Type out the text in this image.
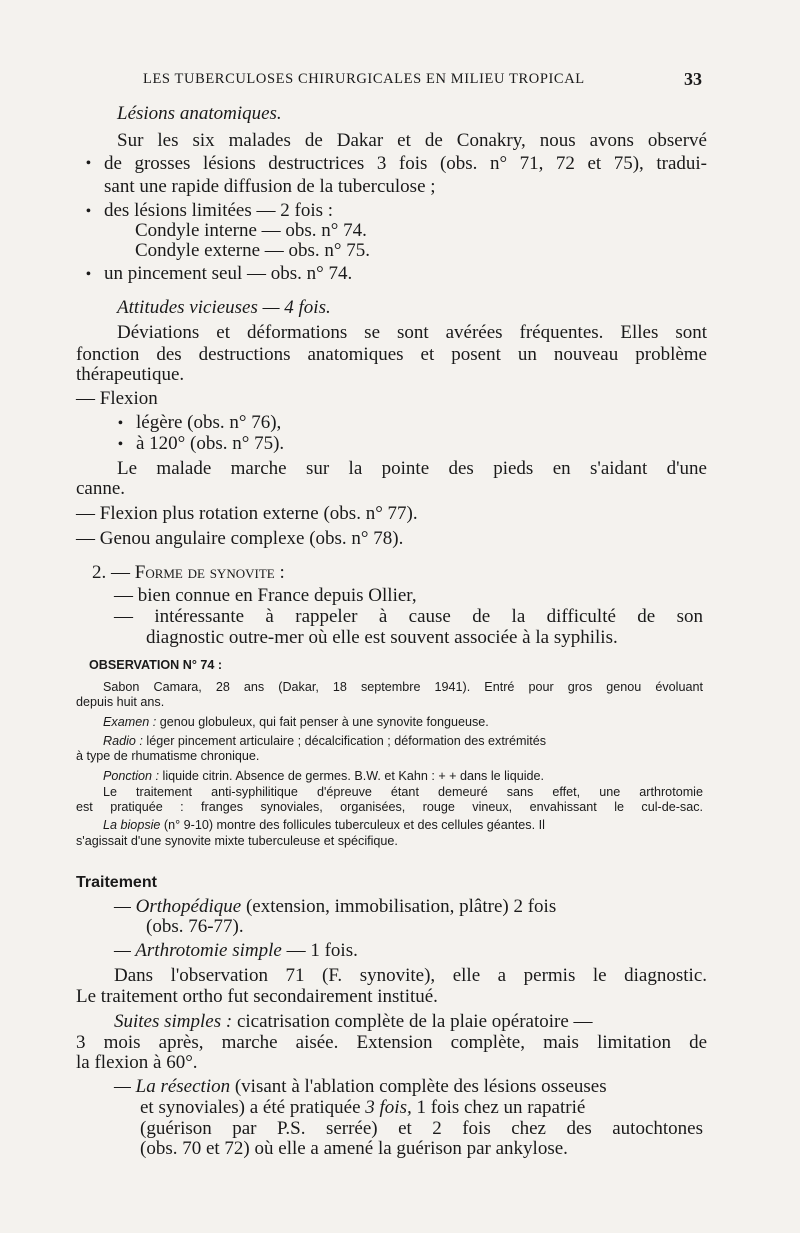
LES TUBERCULOSES CHIRURGICALES EN MILIEU TROPICAL	33
Lésions anatomiques.
Sur les six malades de Dakar et de Conakry, nous avons observé
• de grosses lésions destructrices 3 fois (obs. n° 71, 72 et 75), tradui-
sant une rapide diffusion de la tuberculose ;
• des lésions limitées — 2 fois :
Condyle interne — obs. n° 74.
Condyle externe — obs. n° 75.
• un pincement seul — obs. n° 74.
Attitudes vicieuses — 4 fois.
Déviations et déformations se sont avérées fréquentes. Elles sont
fonction des destructions anatomiques et posent un nouveau problème
thérapeutique.
— Flexion
• légère (obs. n° 76),
• à 120° (obs. n° 75).
Le malade marche sur la pointe des pieds en s'aidant d'une
canne.
— Flexion plus rotation externe (obs. n° 77).
— Genou angulaire complexe (obs. n° 78).
2. — Forme de synovite :
— bien connue en France depuis Ollier,
— intéressante à rappeler à cause de la difficulté de son
diagnostic outre-mer où elle est souvent associée à la syphilis.
OBSERVATION N° 74 :
Sabon Camara, 28 ans (Dakar, 18 septembre 1941). Entré pour gros genou évoluant
depuis huit ans.
Examen : genou globuleux, qui fait penser à une synovite fongueuse.
Radio : léger pincement articulaire ; décalcification ; déformation des extrémités
à type de rhumatisme chronique.
Ponction : liquide citrin. Absence de germes. B.W. et Kahn : + + dans le liquide.
Le traitement anti-syphilitique d'épreuve étant demeuré sans effet, une arthrotomie
est pratiquée : franges synoviales, organisées, rouge vineux, envahissant le cul-de-sac.
La biopsie (n° 9-10) montre des follicules tuberculeux et des cellules géantes. Il
s'agissait d'une synovite mixte tuberculeuse et spécifique.
Traitement
— Orthopédique (extension, immobilisation, plâtre) 2 fois
(obs. 76-77).
— Arthrotomie simple — 1 fois.
Dans l'observation 71 (F. synovite), elle a permis le diagnostic.
Le traitement ortho fut secondairement institué.
Suites simples : cicatrisation complète de la plaie opératoire —
3 mois après, marche aisée. Extension complète, mais limitation de
la flexion à 60°.
— La résection (visant à l'ablation complète des lésions osseuses
et synoviales) a été pratiquée 3 fois, 1 fois chez un rapatrié
(guérison par P.S. serrée) et 2 fois chez des autochtones
(obs. 70 et 72) où elle a amené la guérison par ankylose.
